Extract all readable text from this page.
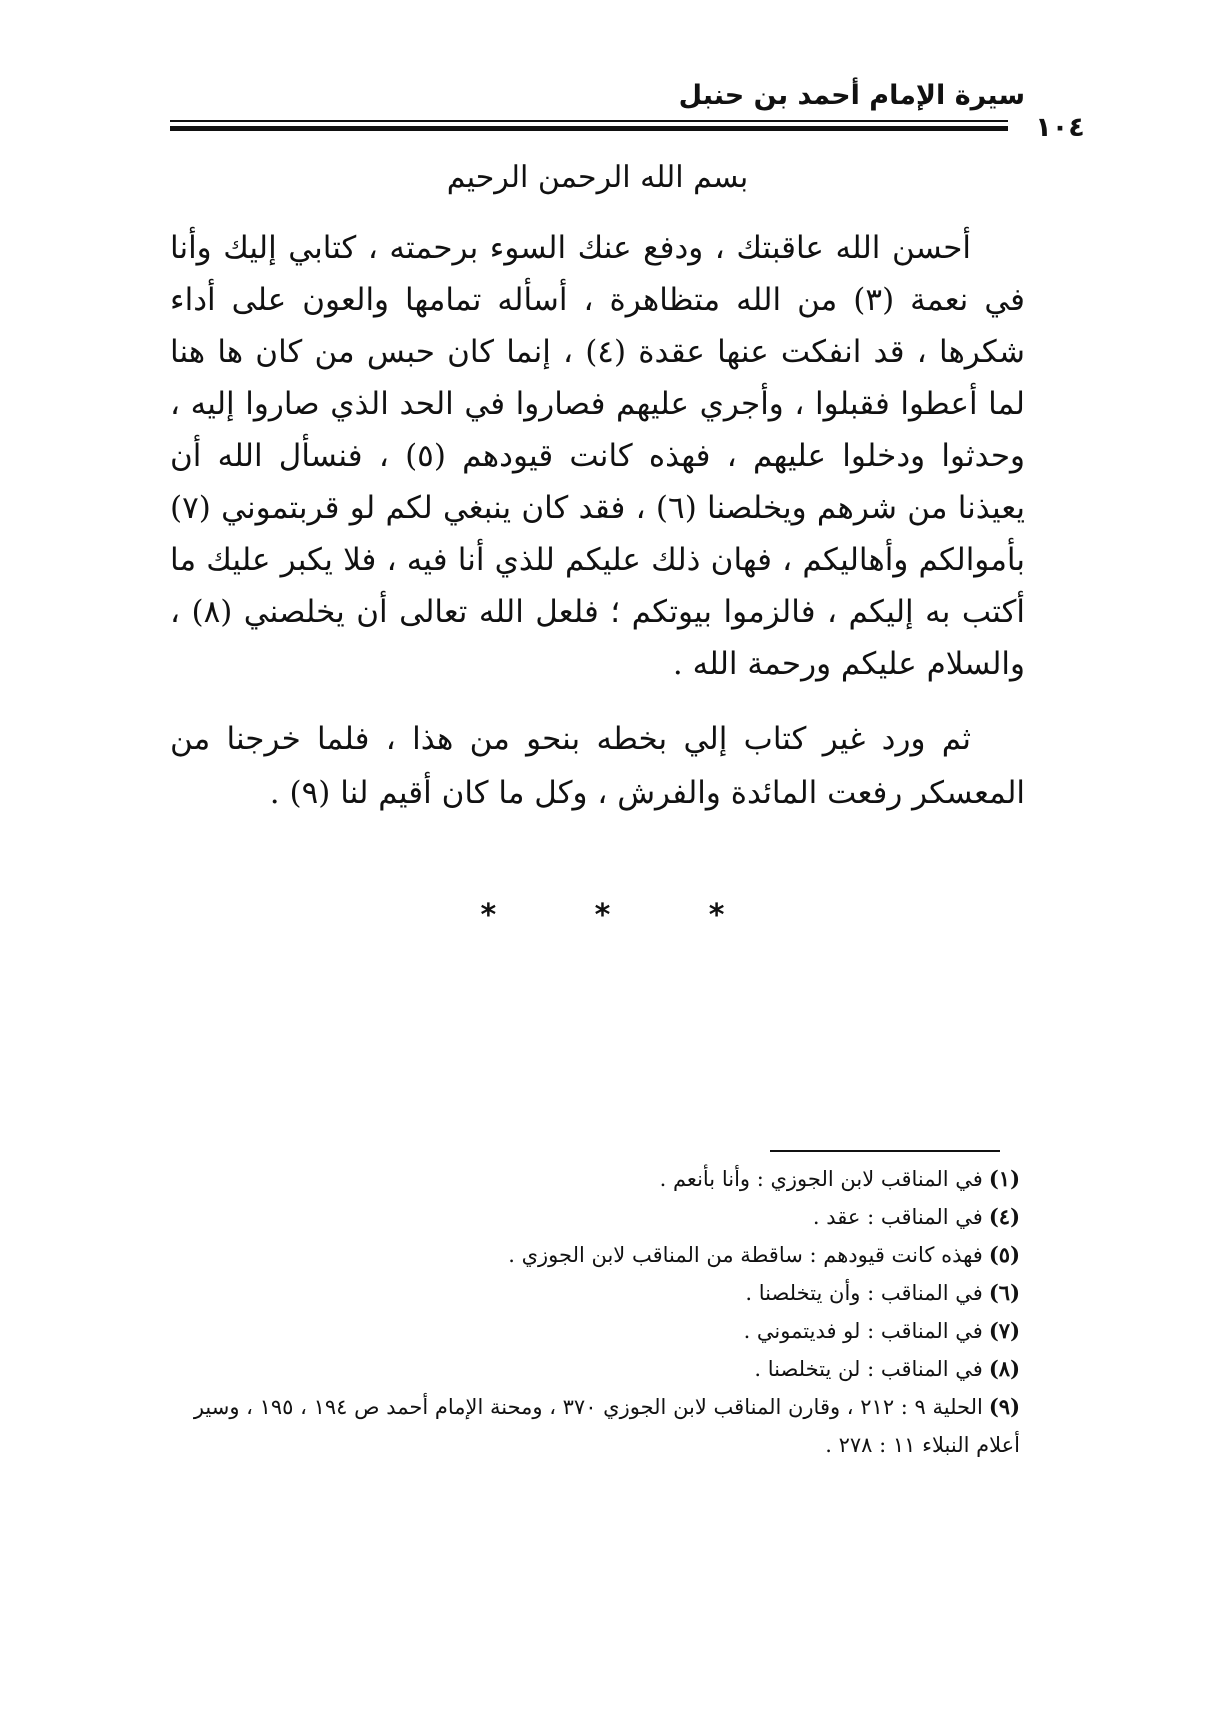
سيرة الإمام أحمد بن حنبل
١٠٤
بسم الله الرحمن الرحيم

أحسن الله عاقبتك ، ودفع عنك السوء برحمته ، كتابي إليك وأنا في نعمة (٣) من الله متظاهرة ، أسأله تمامها والعون على أداء شكرها ، قد انفكت عنها عقدة (٤) ، إنما كان حبس من كان ها هنا لما أعطوا فقبلوا ، وأجري عليهم فصاروا في الحد الذي صاروا إليه ، وحدثوا ودخلوا عليهم ، فهذه كانت قيودهم (٥) ، فنسأل الله أن يعيذنا من شرهم ويخلصنا (٦) ، فقد كان ينبغي لكم لو قربتموني (٧) بأموالكم وأهاليكم ، فهان ذلك عليكم للذي أنا فيه ، فلا يكبر عليك ما أكتب به إليكم ، فالزموا بيوتكم ؛ فلعل الله تعالى أن يخلصني (٨) ، والسلام عليكم ورحمة الله .

ثم ورد غير كتاب إلي بخطه بنحو من هذا ، فلما خرجنا من المعسكر رفعت المائدة والفرش ، وكل ما كان أقيم لنا (٩) .

*	*	*
(١)في المناقب لابن الجوزي : وأنا بأنعم .
(٤)في المناقب : عقد .
(٥)فهذه كانت قيودهم : ساقطة من المناقب لابن الجوزي .
(٦)في المناقب : وأن يتخلصنا .
(٧)في المناقب : لو فديتموني .
(٨)في المناقب : لن يتخلصنا .
(٩)الحلية ٩ : ٢١٢ ، وقارن المناقب لابن الجوزي ٣٧٠ ، ومحنة الإمام أحمد ص ١٩٤ ، ١٩٥ ، وسير أعلام النبلاء ١١ : ٢٧٨ .
